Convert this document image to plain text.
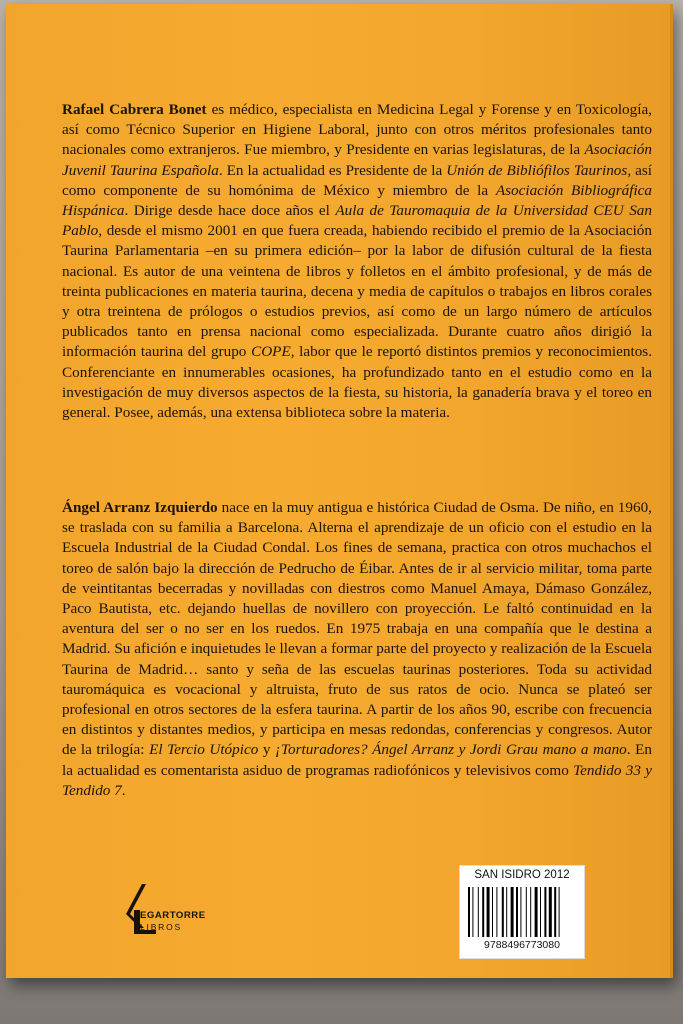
Rafael Cabrera Bonet es médico, especialista en Medicina Legal y Forense y en Toxicología, así como Técnico Superior en Higiene Laboral, junto con otros méritos profesionales tanto nacionales como extranjeros. Fue miembro, y Presidente en varias legislaturas, de la Asociación Juvenil Taurina Española. En la actualidad es Presidente de la Unión de Bibliófilos Taurinos, así como componente de su homónima de México y miembro de la Asociación Bibliográfica Hispánica. Dirige desde hace doce años el Aula de Tauromaquia de la Universidad CEU San Pablo, desde el mismo 2001 en que fuera creada, habiendo recibido el premio de la Asociación Taurina Parlamentaria –en su primera edición– por la labor de difusión cultural de la fiesta nacional. Es autor de una veintena de libros y folletos en el ámbito profesional, y de más de treinta publicaciones en materia taurina, decena y media de capítulos o trabajos en libros corales y otra treintena de prólogos o estudios previos, así como de un largo número de artículos publicados tanto en prensa nacional como especializada. Durante cuatro años dirigió la información taurina del grupo COPE, labor que le reportó distintos premios y reconocimientos. Conferenciante en innumerables ocasiones, ha profundizado tanto en el estudio como en la investigación de muy diversos aspectos de la fiesta, su historia, la ganadería brava y el toreo en general. Posee, además, una extensa biblioteca sobre la materia.

Ángel Arranz Izquierdo nace en la muy antigua e histórica Ciudad de Osma. De niño, en 1960, se traslada con su familia a Barcelona. Alterna el aprendizaje de un oficio con el estudio en la Escuela Industrial de la Ciudad Condal. Los fines de semana, practica con otros muchachos el toreo de salón bajo la dirección de Pedrucho de Éibar. Antes de ir al servicio militar, toma parte de veintitantas becerradas y novilladas con diestros como Manuel Amaya, Dámaso González, Paco Bautista, etc. dejando huellas de novillero con proyección. Le faltó continuidad en la aventura del ser o no ser en los ruedos. En 1975 trabaja en una compañía que le destina a Madrid. Su afición e inquietudes le llevan a formar parte del proyecto y realización de la Escuela Taurina de Madrid… santo y seña de las escuelas taurinas posteriores. Toda su actividad tauromáquica es vocacional y altruista, fruto de sus ratos de ocio. Nunca se plateó ser profesional en otros sectores de la esfera taurina. A partir de los años 90, escribe con frecuencia en distintos y distantes medios, y participa en mesas redondas, conferencias y congresos. Autor de la trilogía: El Tercio Utópico y ¡Torturadores? Ángel Arranz y Jordi Grau mano a mano. En la actualidad es comentarista asiduo de programas radiofónicos y televisivos como Tendido 33 y Tendido 7.

EGARTORRE
LIBROS
SAN ISIDRO 2012
9788496773080
